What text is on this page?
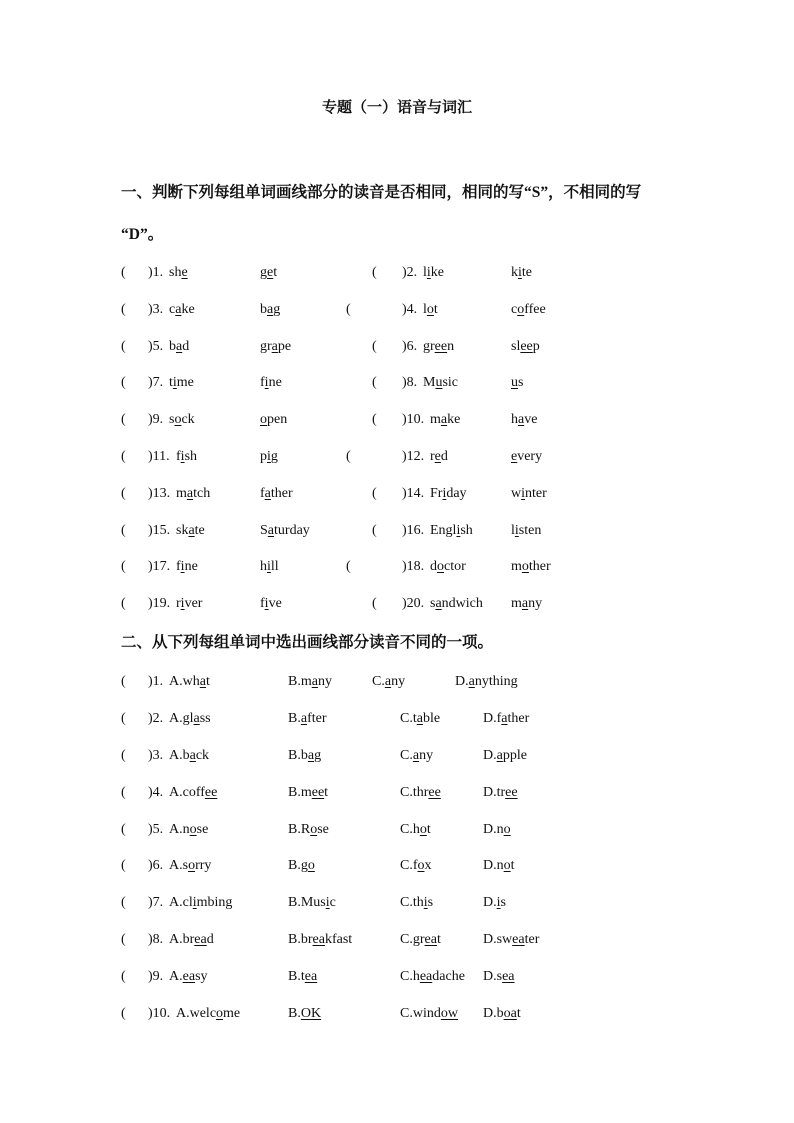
专题（一）语音与词汇
一、判断下列每组单词画线部分的读音是否相同，相同的写“S”，不相同的写
“D”。
( )1. she	get	( )2. like	kite
( )3. cake	bag	(	)4. lot	coffee
( )5. bad	grape	( )6. green	sleep
( )7. time	fine	( )8. Music	us
( )9. sock	open	( )10. make	have
( )11. fish	pig	(	)12. red	every
( )13. match	father	( )14. Friday	winter
( )15. skate	Saturday	( )16. English	listen
( )17. fine	hill	(	)18. doctor	mother
( )19. river	five	( )20. sandwich many
二、从下列每组单词中选出画线部分读音不同的一项。
( )1. A.what	B.many	C.any	D.anything
( )2. A.glass	B.after	C.table	D.father
( )3. A.back	B.bag	C.any	D.apple
( )4. A.coffee	B.meet	C.three	D.tree
( )5. A.nose	B.Rose	C.hot	D.no
( )6. A.sorry	B.go	C.fox	D.not
( )7. A.climbing	B.Music	C.this	D.is
( )8. A.bread	B.breakfast	C.great	D.sweater
( )9. A.easy	B.tea	C.headache D.sea
( )10. A.welcome	B.OK	C.window D.boat
